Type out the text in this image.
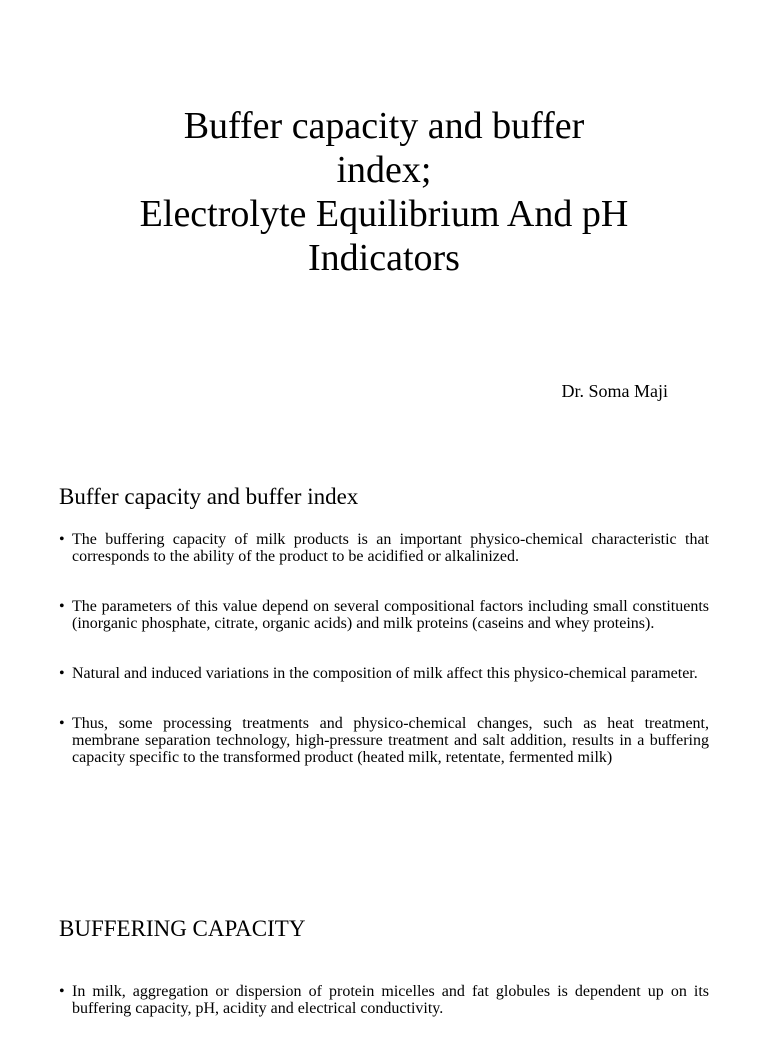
Buffer capacity and buffer
index;
Electrolyte Equilibrium And pH
Indicators
Dr. Soma Maji
Buffer capacity and buffer index
• The buffering capacity of milk products is an important physico-chemical characteristic that corresponds to the ability of the product to be acidified or alkalinized.
• The parameters of this value depend on several compositional factors including small constituents (inorganic phosphate, citrate, organic acids) and milk proteins (caseins and whey proteins).
• Natural and induced variations in the composition of milk affect this physico-chemical parameter.
• Thus, some processing treatments and physico-chemical changes, such as heat treatment, membrane separation technology, high-pressure treatment and salt addition, results in a buffering capacity specific to the transformed product (heated milk, retentate, fermented milk)
BUFFERING CAPACITY
• In milk, aggregation or dispersion of protein micelles and fat globules is dependent up on its buffering capacity, pH, acidity and electrical conductivity.
